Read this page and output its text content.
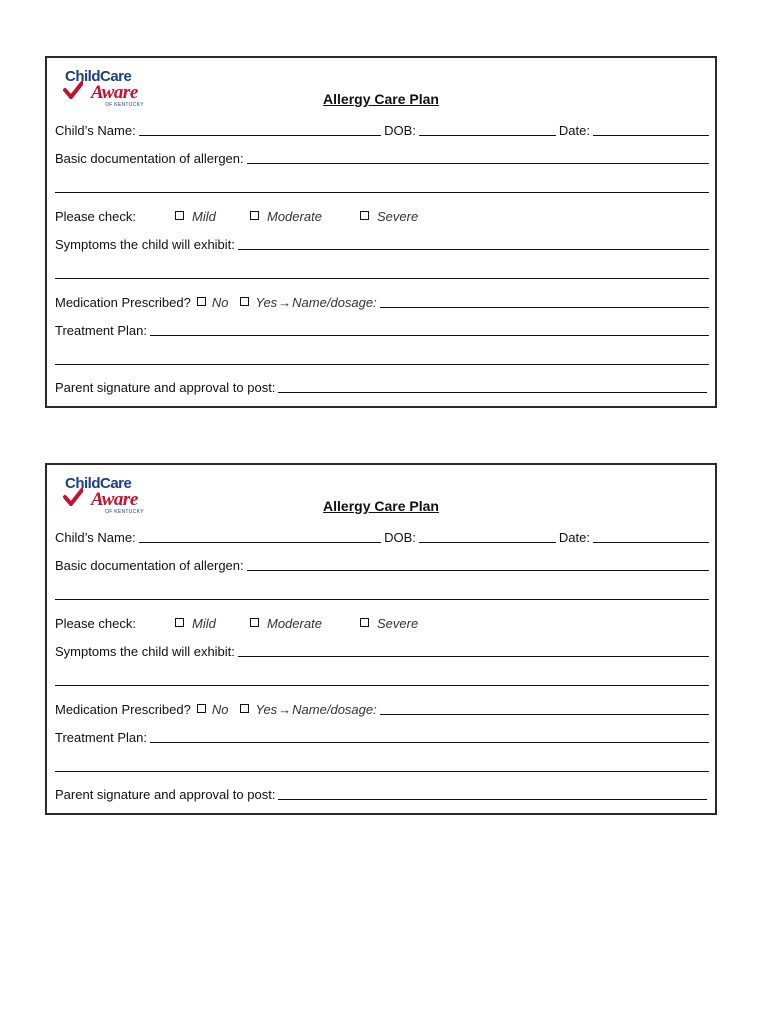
ChildCare
Aware
OF KENTUCKY	Allergy Care Plan
Child’s Name:	DOB:	Date:
Basic documentation of allergen:
Please check:	Mild	Moderate	Severe
Symptoms the child will exhibit:
Medication Prescribed ? No Yes → Name/dosage:
Treatment Plan:
Parent signature and approval to post:
ChildCare
Aware
OF KENTUCKY	Allergy Care Plan
Child’s Name:	DOB:	Date:
Basic documentation of allergen:
Please check:	Mild	Moderate	Severe
Symptoms the child will exhibit:
Medication Prescribed ? No Yes → Name/dosage:
Treatment Plan:
Parent signature and approval to post:
